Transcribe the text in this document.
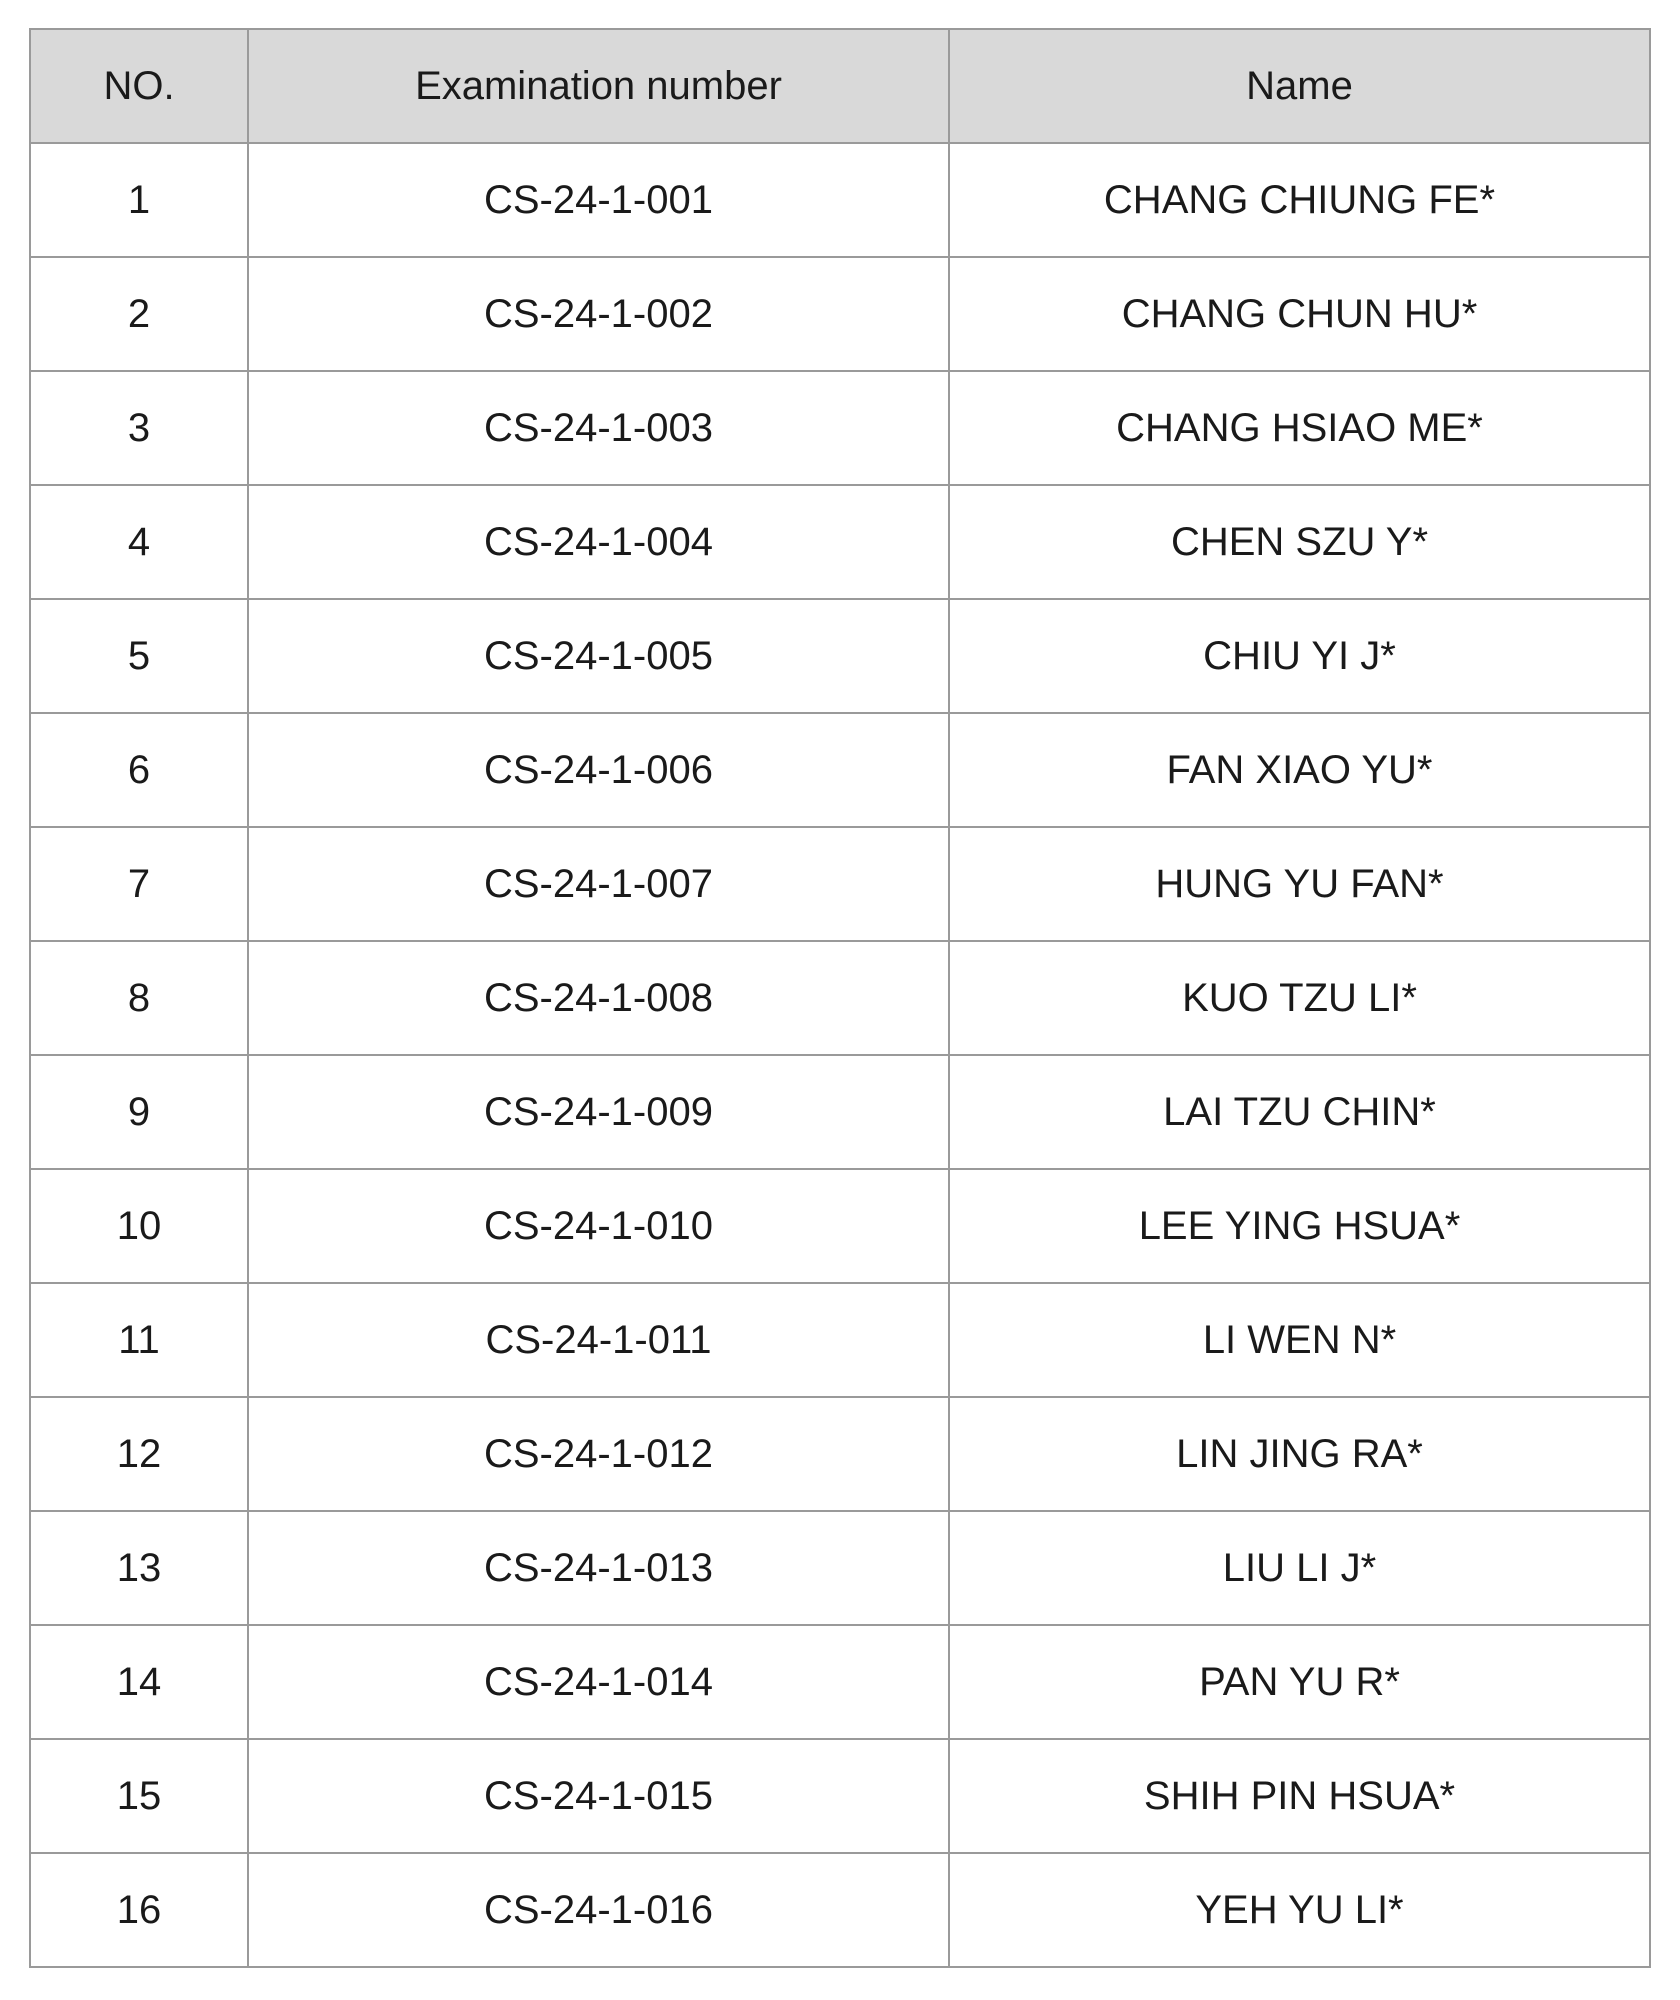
NO.	Examination number	Name
1	CS-24-1-001	CHANG CHIUNG FE*
2	CS-24-1-002	CHANG CHUN HU*
3	CS-24-1-003	CHANG HSIAO ME*
4	CS-24-1-004	CHEN SZU Y*
5	CS-24-1-005	CHIU YI J*
6	CS-24-1-006	FAN XIAO YU*
7	CS-24-1-007	HUNG YU FAN*
8	CS-24-1-008	KUO TZU LI*
9	CS-24-1-009	LAI TZU CHIN*
10	CS-24-1-010	LEE YING HSUA*
11	CS-24-1-011	LI WEN N*
12	CS-24-1-012	LIN JING RA*
13	CS-24-1-013	LIU LI J*
14	CS-24-1-014	PAN YU R*
15	CS-24-1-015	SHIH PIN HSUA*
16	CS-24-1-016	YEH YU LI*
